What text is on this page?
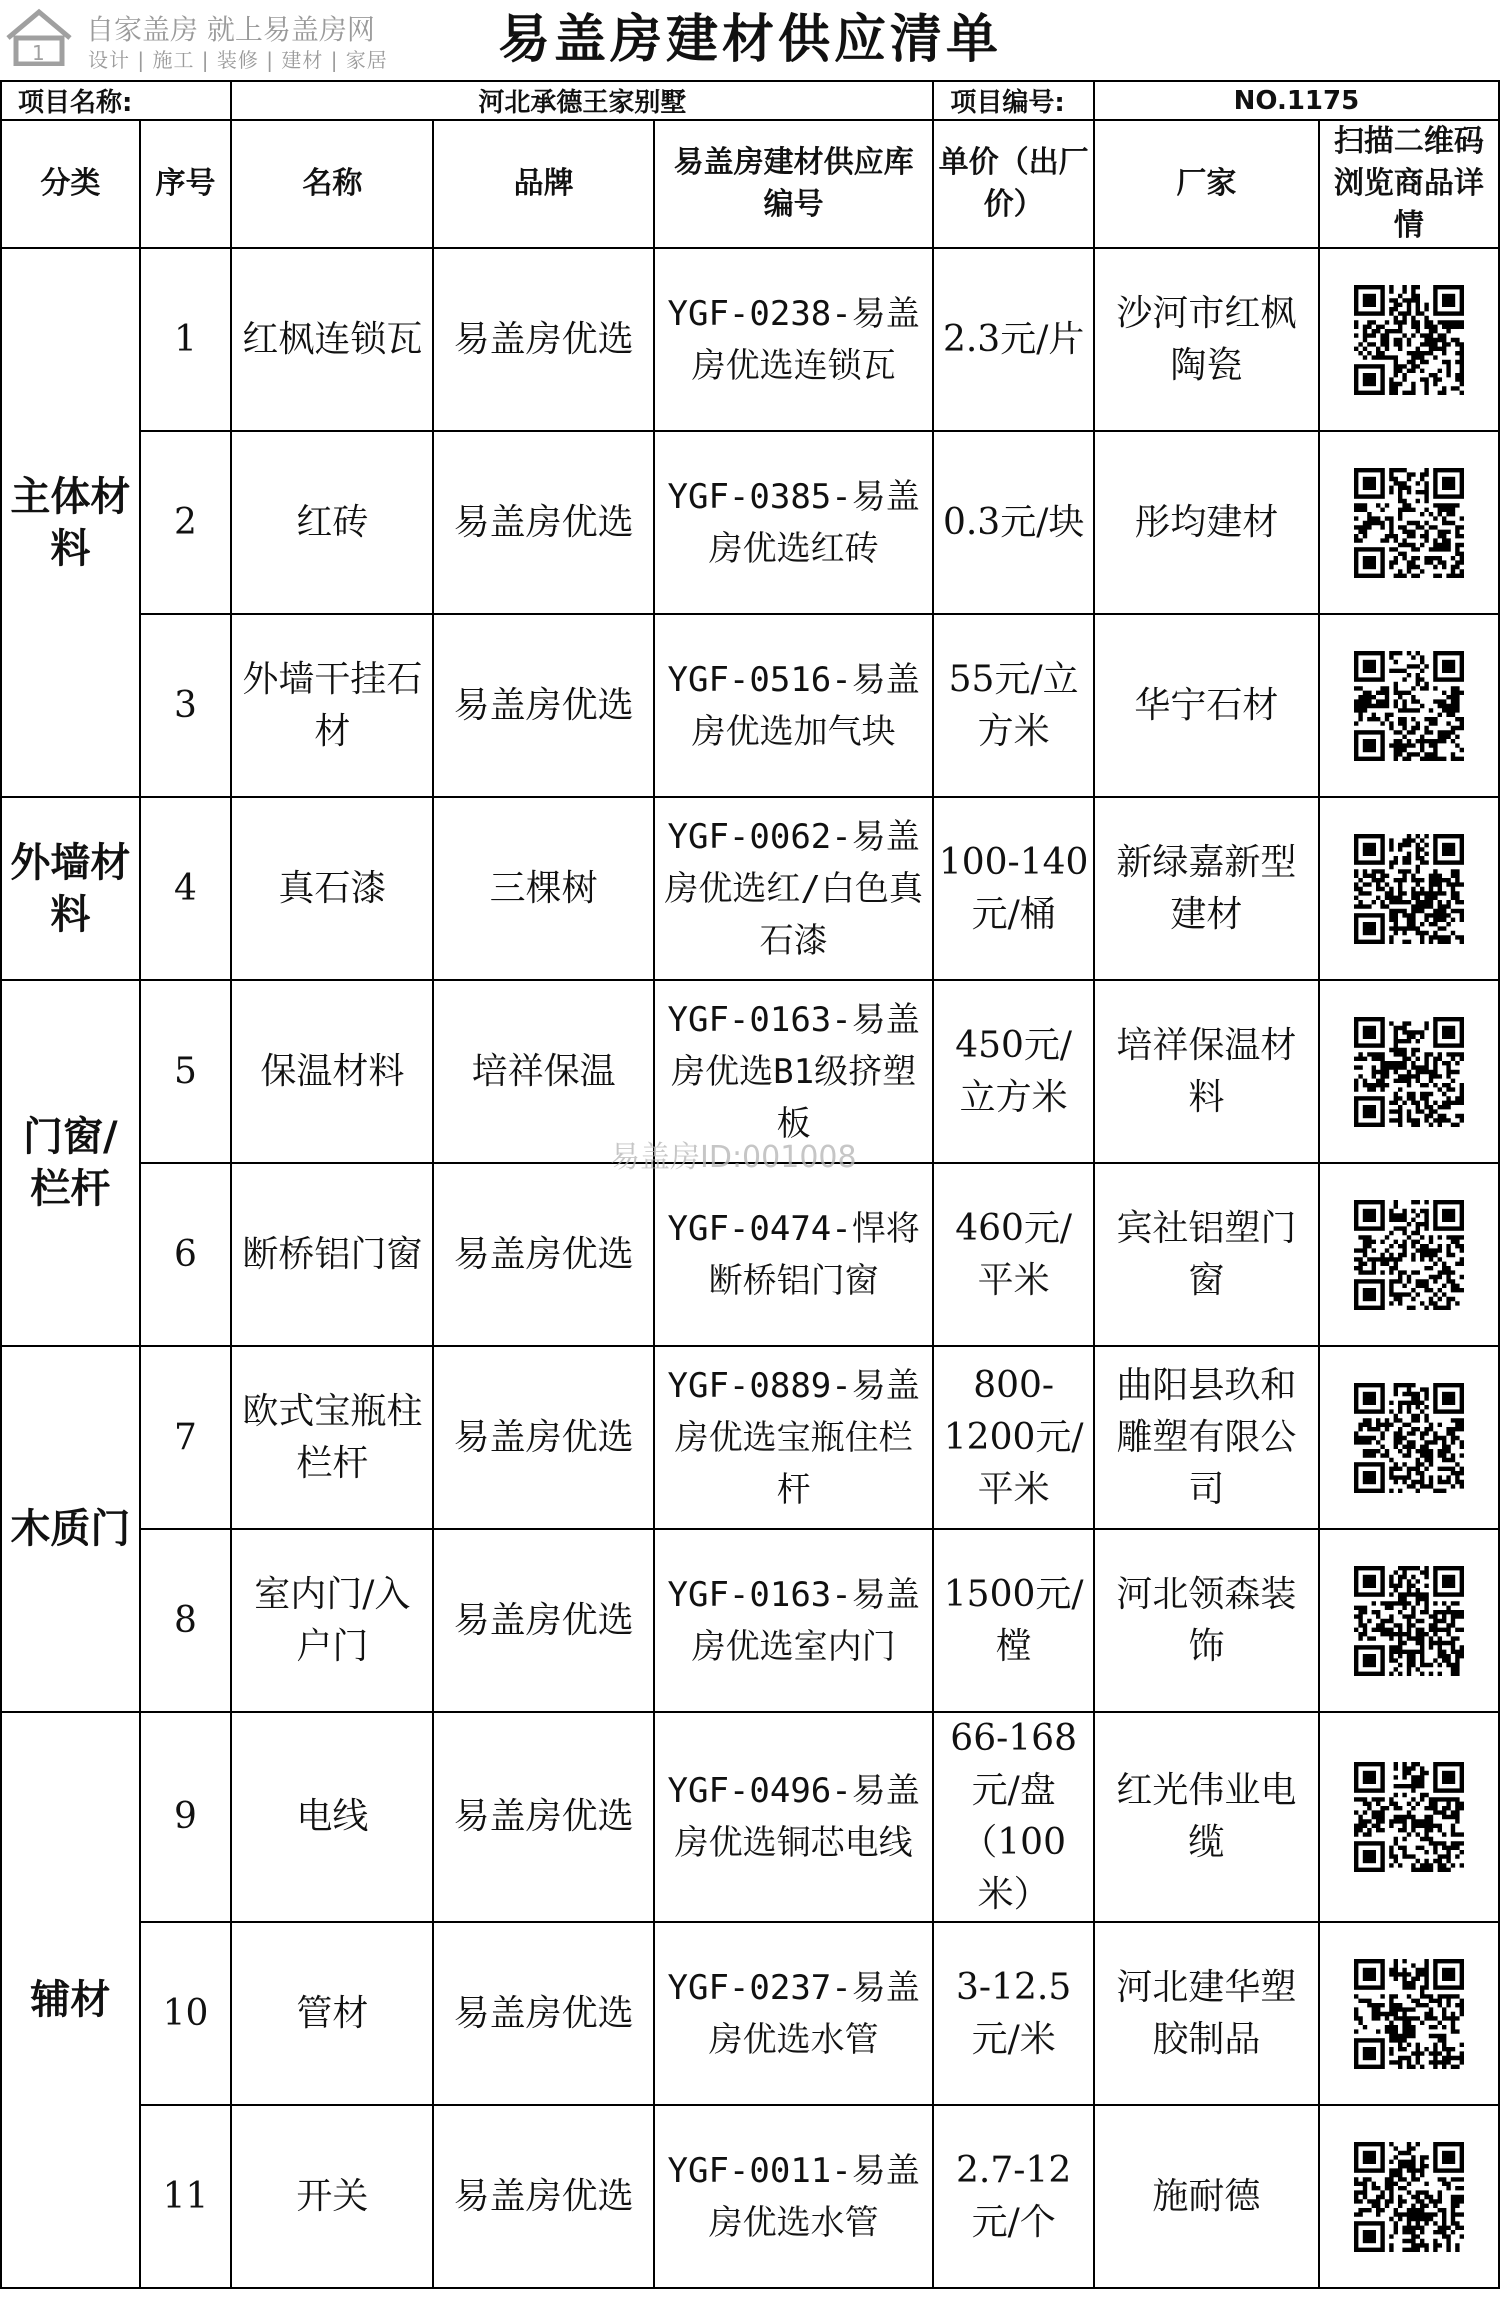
1
自家盖房 就上易盖房网
设计 | 施工 | 装修 | 建材 | 家居	易盖房建材供应清单
项目名称:		河北承德王家别墅			项目编号:	NO.1175	
分类	序号	名称	品牌	易盖房建材供应库编号	单价（出厂价）	厂家	扫描二维码浏览商品详情
主体材料	1	红枫连锁瓦	易盖房优选	YGF-0238-易盖房优选连锁瓦	2.3元/片	沙河市红枫陶瓷	

	2	红砖	易盖房优选	YGF-0385-易盖房优选红砖	0.3元/块	彤均建材	

	3	外墙干挂石材	易盖房优选	YGF-0516-易盖房优选加气块	55元/立方米	华宁石材	

外墙材料	4	真石漆	三棵树	YGF-0062-易盖房优选红/白色真石漆	100-140元/桶	新绿嘉新型建材	

门窗/栏杆	5	保温材料	培祥保温	YGF-0163-易盖房优选B1级挤塑板	450元/立方米	培祥保温材料	

	6	断桥铝门窗	易盖房优选	YGF-0474-悍将断桥铝门窗	460元/平米	宾社铝塑门窗	

木质门	7	欧式宝瓶柱栏杆	易盖房优选	YGF-0889-易盖房优选宝瓶住栏杆	800-1200元/平米	曲阳县玖和雕塑有限公司	

	8	室内门/入户门	易盖房优选	YGF-0163-易盖房优选室内门	1500元/樘	河北领森装饰	

辅材	9	电线	易盖房优选	YGF-0496-易盖房优选铜芯电线	66-168元/盘（100米）	红光伟业电缆	

	10	管材	易盖房优选	YGF-0237-易盖房优选水管	3-12.5元/米	河北建华塑胶制品	

	11	开关	易盖房优选	YGF-0011-易盖房优选水管	2.7-12元/个	施耐德	
易盖房ID:001008
